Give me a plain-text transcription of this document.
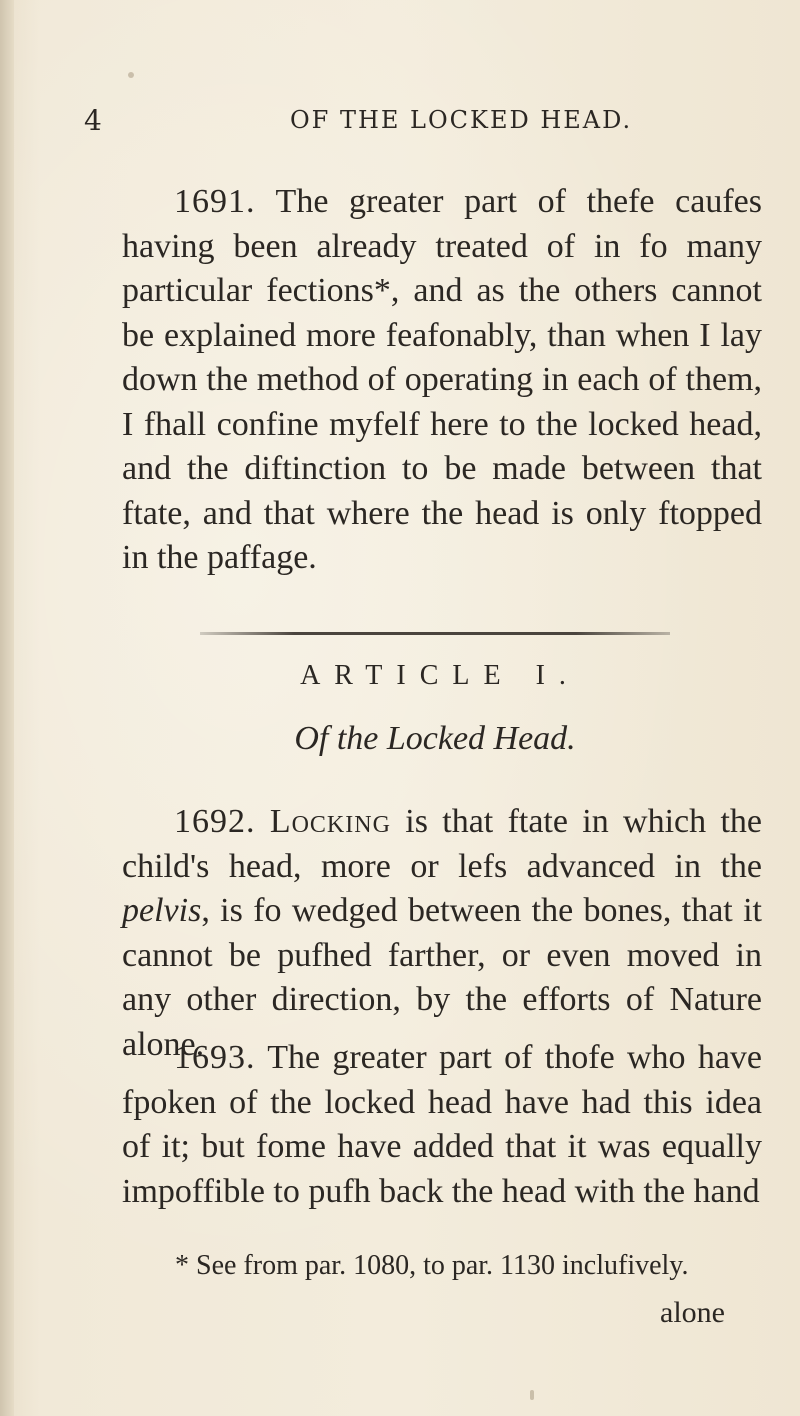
4	OF THE LOCKED HEAD.
1691. The greater part of thefe caufes having been already treated of in fo many particular fections*, and as the others cannot be explained more feafonably, than when I lay down the method of operating in each of them, I fhall confine myfelf here to the locked head, and the diftinction to be made between that ftate, and that where the head is only ftopped in the paffage.
ARTICLE I.
Of the Locked Head.
1692. Locking is that ftate in which the child's head, more or lefs advanced in the pelvis, is fo wedged between the bones, that it cannot be pufhed farther, or even moved in any other direction, by the efforts of Nature alone.
1693. The greater part of thofe who have fpoken of the locked head have had this idea of it; but fome have added that it was equally impoffible to pufh back the head with the hand
* See from par. 1080, to par. 1130 inclufively.
alone
